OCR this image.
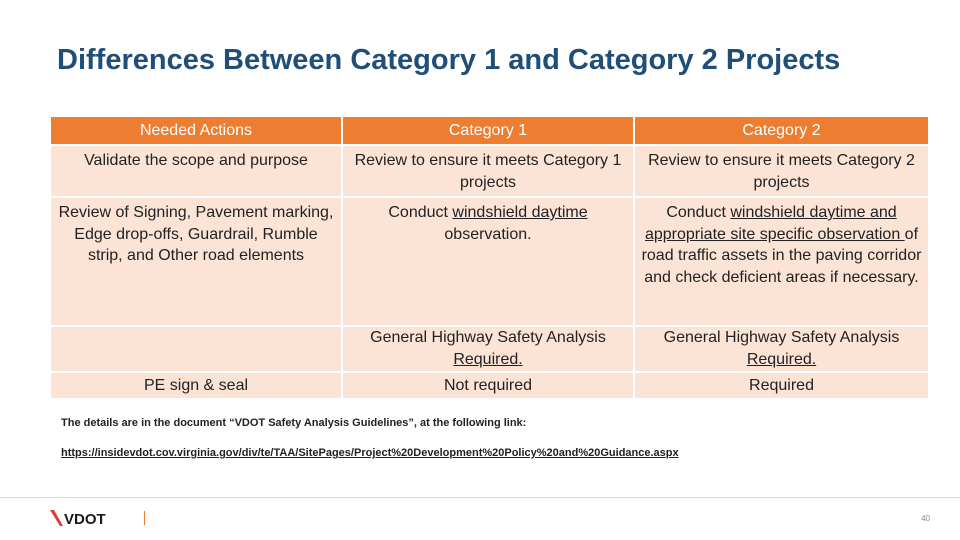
Differences Between Category 1 and Category 2 Projects
Needed Actions	Category 1	Category 2
Validate the scope and purpose	Review to ensure it meets Category 1 projects	Review to ensure it meets Category 2 projects
Review of Signing, Pavement marking, Edge drop-offs, Guardrail, Rumble strip, and Other road elements	Conduct windshield daytime observation.	Conduct windshield daytime and appropriate site specific observation of road traffic assets in the paving corridor and check deficient areas if necessary.
	General Highway Safety Analysis Required.	General Highway Safety Analysis Required.
PE sign & seal	Not required	Required
The details are in the document “VDOT Safety Analysis Guidelines”, at the following link:
https://insidevdot.cov.virginia.gov/div/te/TAA/SitePages/Project%20Development%20Policy%20and%20Guidance.aspx
VDOT	40
